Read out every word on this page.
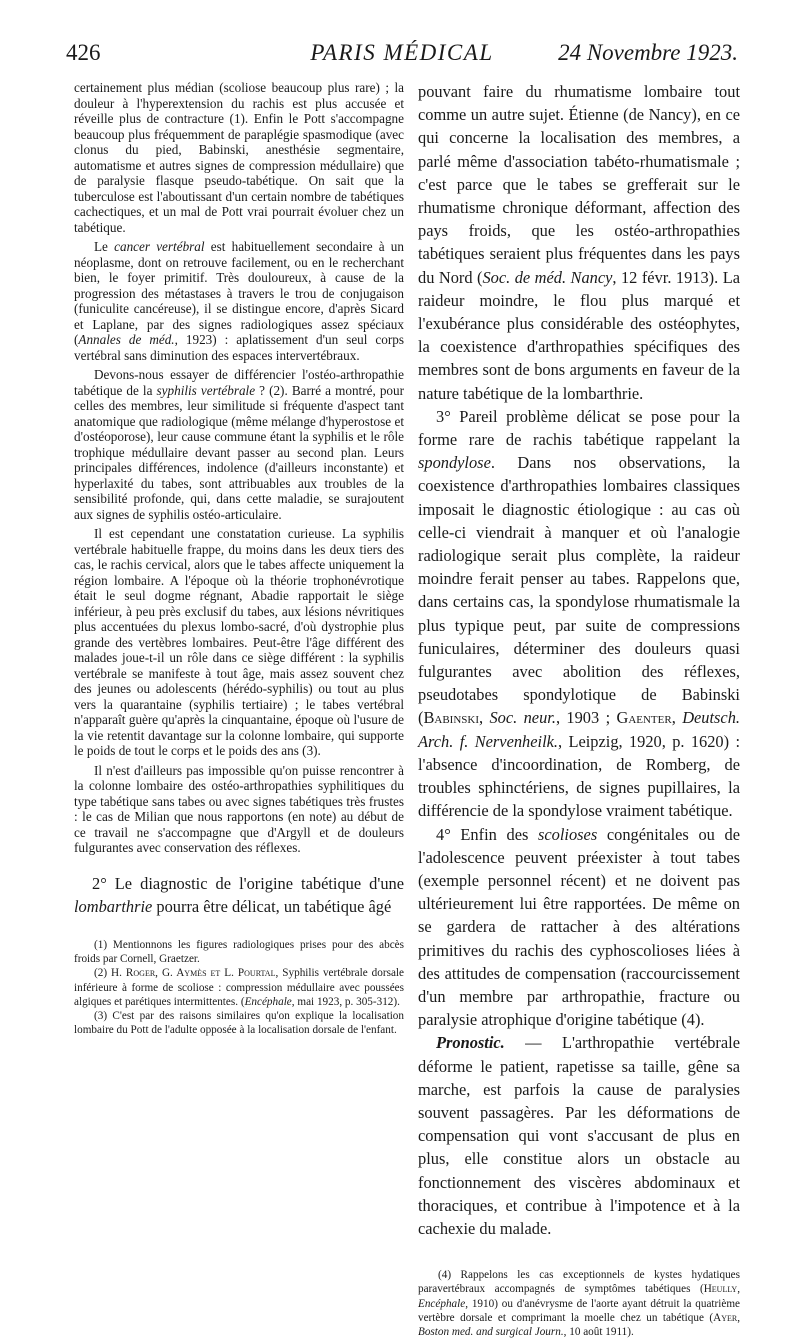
426	PARIS MÉDICAL	24 Novembre 1923.

certainement plus médian (scoliose beaucoup plus rare) ; la douleur à l'hyperextension du rachis est plus accusée et réveille plus de contracture (1). Enfin le Pott s'accompagne beaucoup plus fréquemment de paraplégie spasmodique (avec clonus du pied, Babinski, anesthésie segmentaire, automatisme et autres signes de compression médullaire) que de paralysie flasque pseudo-tabétique. On sait que la tuberculose est l'aboutissant d'un certain nombre de tabétiques cachectiques, et un mal de Pott vrai pourrait évoluer chez un tabétique.

Le cancer vertébral est habituellement secondaire à un néoplasme, dont on retrouve facilement, ou en le recherchant bien, le foyer primitif. Très douloureux, à cause de la progression des métastases à travers le trou de conjugaison (funiculite cancéreuse), il se distingue encore, d'après Sicard et Laplane, par des signes radiologiques assez spéciaux (Annales de méd., 1923) : aplatissement d'un seul corps vertébral sans diminution des espaces intervertébraux.

Devons-nous essayer de différencier l'ostéo-arthropathie tabétique de la syphilis vertébrale ? (2). Barré a montré, pour celles des membres, leur similitude si fréquente d'aspect tant anatomique que radiologique (même mélange d'hyperostose et d'ostéoporose), leur cause commune étant la syphilis et le rôle trophique médullaire devant passer au second plan. Leurs principales différences, indolence (d'ailleurs inconstante) et hyperlaxité du tabes, sont attribuables aux troubles de la sensibilité profonde, qui, dans cette maladie, se surajoutent aux signes de syphilis ostéo-articulaire.

Il est cependant une constatation curieuse. La syphilis vertébrale habituelle frappe, du moins dans les deux tiers des cas, le rachis cervical, alors que le tabes affecte uniquement la région lombaire. A l'époque où la théorie trophonévrotique était le seul dogme régnant, Abadie rapportait le siège inférieur, à peu près exclusif du tabes, aux lésions névritiques plus accentuées du plexus lombo-sacré, d'où dystrophie plus grande des vertèbres lombaires. Peut-être l'âge différent des malades joue-t-il un rôle dans ce siège différent : la syphilis vertébrale se manifeste à tout âge, mais assez souvent chez des jeunes ou adolescents (hérédo-syphilis) ou tout au plus vers la quarantaine (syphilis tertiaire) ; le tabes vertébral n'apparaît guère qu'après la cinquantaine, époque où l'usure de la vie retentit davantage sur la colonne lombaire, qui supporte le poids de tout le corps et le poids des ans (3).

Il n'est d'ailleurs pas impossible qu'on puisse rencontrer à la colonne lombaire des ostéo-arthropathies syphilitiques du type tabétique sans tabes ou avec signes tabétiques très frustes : le cas de Milian que nous rapportons (en note) au début de ce travail ne s'accompagne que d'Argyll et de douleurs fulgurantes avec conservation des réflexes.

2° Le diagnostic de l'origine tabétique d'une lombarthrie pourra être délicat, un tabétique âgé

(1) Mentionnons les figures radiologiques prises pour des abcès froids par Cornell, Graetzer.

(2) H. Roger, G. Aymès et L. Pourtal, Syphilis vertébrale dorsale inférieure à forme de scoliose : compression médullaire avec poussées algiques et parétiques intermittentes. (Encéphale, mai 1923, p. 305-312).

(3) C'est par des raisons similaires qu'on explique la localisation lombaire du Pott de l'adulte opposée à la localisation dorsale de l'enfant.

pouvant faire du rhumatisme lombaire tout comme un autre sujet. Étienne (de Nancy), en ce qui concerne la localisation des membres, a parlé même d'association tabéto-rhumatismale ; c'est parce que le tabes se grefferait sur le rhumatisme chronique déformant, affection des pays froids, que les ostéo-arthropathies tabétiques seraient plus fréquentes dans les pays du Nord (Soc. de méd. Nancy, 12 févr. 1913). La raideur moindre, le flou plus marqué et l'exubérance plus considérable des ostéophytes, la coexistence d'arthropathies spécifiques des membres sont de bons arguments en faveur de la nature tabétique de la lombarthrie.

3° Pareil problème délicat se pose pour la forme rare de rachis tabétique rappelant la spondylose. Dans nos observations, la coexistence d'arthropathies lombaires classiques imposait le diagnostic étiologique : au cas où celle-ci viendrait à manquer et où l'analogie radiologique serait plus complète, la raideur moindre ferait penser au tabes. Rappelons que, dans certains cas, la spondylose rhumatismale la plus typique peut, par suite de compressions funiculaires, déterminer des douleurs quasi fulgurantes avec abolition des réflexes, pseudotabes spondylotique de Babinski (Babinski, Soc. neur., 1903 ; Gaenter, Deutsch. Arch. f. Nervenheilk., Leipzig, 1920, p. 1620) : l'absence d'incoordination, de Romberg, de troubles sphinctériens, de signes pupillaires, la différencie de la spondylose vraiment tabétique.

4° Enfin des scolioses congénitales ou de l'adolescence peuvent préexister à tout tabes (exemple personnel récent) et ne doivent pas ultérieurement lui être rapportées. De même on se gardera de rattacher à des altérations primitives du rachis des cyphoscolioses liées à des attitudes de compensation (raccourcissement d'un membre par arthropathie, fracture ou paralysie atrophique d'origine tabétique (4).

Pronostic. — L'arthropathie vertébrale déforme le patient, rapetisse sa taille, gêne sa marche, est parfois la cause de paralysies souvent passagères. Par les déformations de compensation qui vont s'accusant de plus en plus, elle constitue alors un obstacle au fonctionnement des viscères abdominaux et thoraciques, et contribue à l'impotence et à la cachexie du malade.

(4) Rappelons les cas exceptionnels de kystes hydatiques paravertébraux accompagnés de symptômes tabétiques (Heully, Encéphale, 1910) ou d'anévrysme de l'aorte ayant détruit la quatrième vertèbre dorsale et comprimant la moelle chez un tabétique (Ayer, Boston med. and surgical Journ., 10 août 1911).
